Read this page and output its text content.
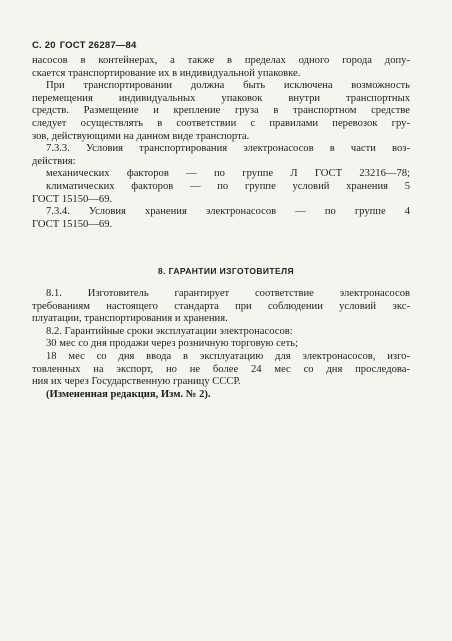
С. 20 ГОСТ 26287—84

насосов в контейнерах, а также в пределах одного города допу-

скается транспортирование их в индивидуальной упаковке.

При транспортировании должна быть исключена возможность

перемещения индивидуальных упаковок внутри транспортных

средств. Размещение и крепление груза в транспортном средстве

следует осуществлять в соответствии с правилами перевозок гру-

зов, действующими на данном виде транспорта.

7.3.3. Условия транспортирования электронасосов в части воз-

действия:

механических факторов — по группе Л ГОСТ 23216—78;

климатических факторов — по группе условий хранения 5

ГОСТ 15150—69.

7.3.4. Условия хранения электронасосов — по группе 4

ГОСТ 15150—69.

8. ГАРАНТИИ ИЗГОТОВИТЕЛЯ

8.1. Изготовитель гарантирует соответствие электронасосов

требованиям настоящего стандарта при соблюдении условий экс-

плуатации, транспортирования и хранения.

8.2. Гарантийные сроки эксплуатации электронасосов:

30 мес со дня продажи через розничную торговую сеть;

18 мес со дня ввода в эксплуатацию для электронасосов, изго-

товленных на экспорт, но не более 24 мес со дня проследова-

ния их через Государственную границу СССР.

(Измененная редакция, Изм. № 2).
